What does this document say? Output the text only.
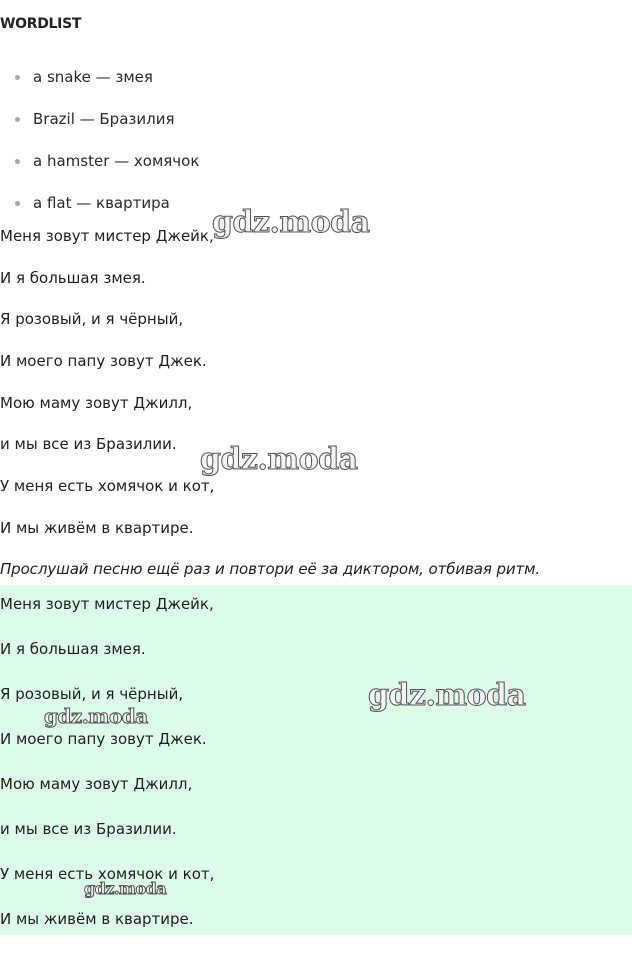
WORDLIST
a snake — змея
Brazil — Бразилия
a hamster — хомячок
a flat — квартира

Меня зовут мистер Джейк,

И я большая змея.

Я розовый, и я чёрный,

И моего папу зовут Джек.

Мою маму зовут Джилл,

и мы все из Бразилии.

У меня есть хомячок и кот,

И мы живём в квартире.

Прослушай песню ещё раз и повтори её за диктором, отбивая ритм.

Меня зовут мистер Джейк,

И я большая змея.

Я розовый, и я чёрный,

И моего папу зовут Джек.

Мою маму зовут Джилл,

и мы все из Бразилии.

У меня есть хомячок и кот,

И мы живём в квартире.

gdz.moda
gdz.moda
gdz.moda
gdz.moda
gdz.moda
